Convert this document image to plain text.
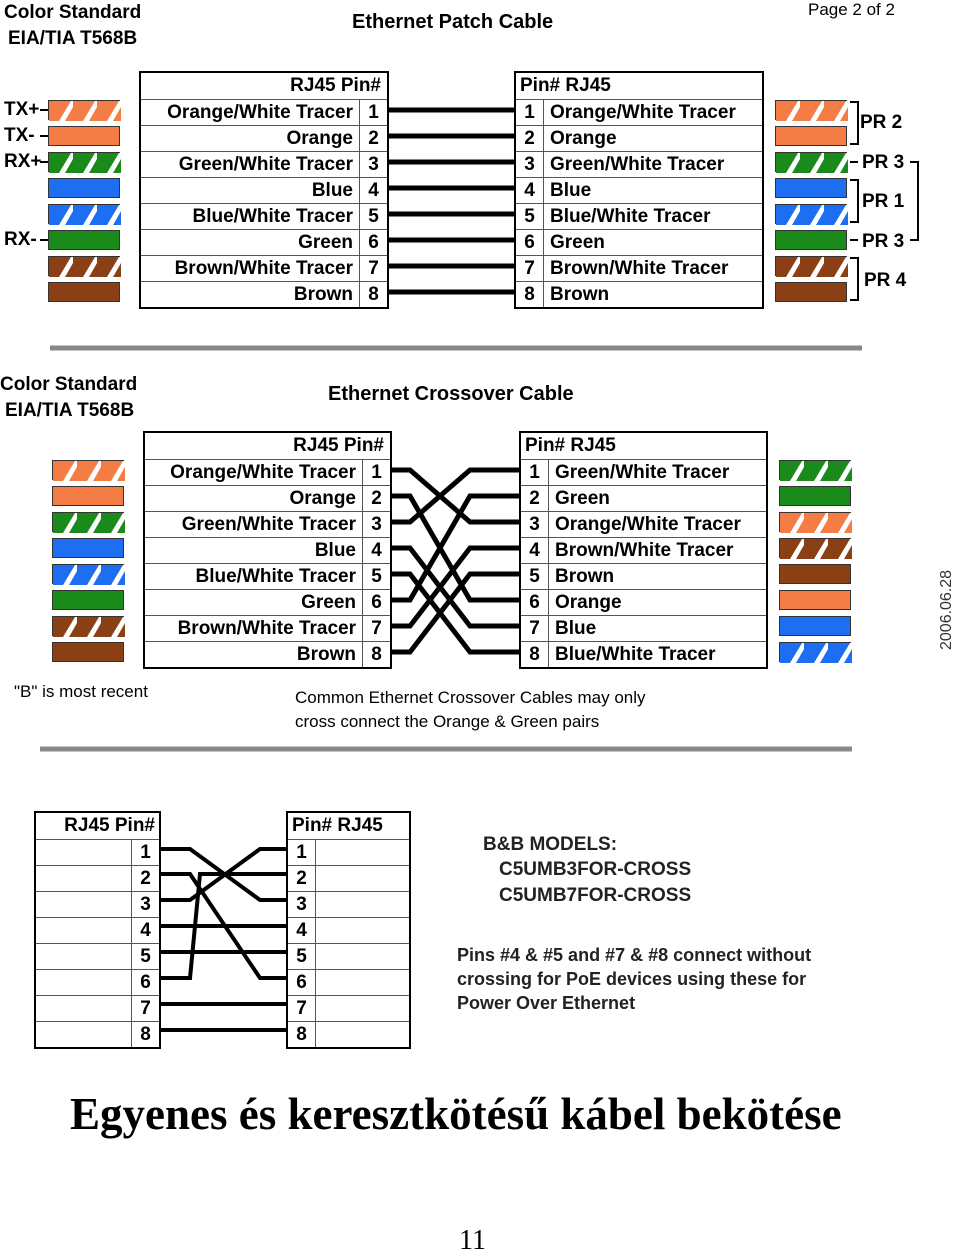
Color Standard
EIA/TIA T568B
Page 2 of 2
Ethernet Patch Cable
TX+
TX-
RX+
RX-
RJ45 Pin#
Orange/White Tracer 1
Orange 2
Green/White Tracer 3
Blue 4
Blue/White Tracer 5
Green 6
Brown/White Tracer 7
Brown 8
Pin# RJ45
1 Orange/White Tracer
2 Orange
3 Green/White Tracer
4 Blue
5 Blue/White Tracer
6 Green
7 Brown/White Tracer
8 Brown
PR 2
PR 3
PR 1
PR 3
PR 4
Color Standard
EIA/TIA T568B
Ethernet Crossover Cable
RJ45 Pin#
Orange/White Tracer 1
Orange 2
Green/White Tracer 3
Blue 4
Blue/White Tracer 5
Green 6
Brown/White Tracer 7
Brown 8
Pin# RJ45
1 Green/White Tracer
2 Green
3 Orange/White Tracer
4 Brown/White Tracer
5 Brown
6 Orange
7 Blue
8 Blue/White Tracer
2006.06.28
"B" is most recent	Common Ethernet Crossover Cables may only
cross connect the Orange & Green pairs
RJ45 Pin#
1
2
3
4
5
6
7
8
Pin# RJ45
1
2
3
4
5
6
7
8
B&B MODELS:
C5UMB3FOR-CROSS
C5UMB7FOR-CROSS
Pins #4 & #5 and #7 & #8 connect without
crossing for PoE devices using these for
Power Over Ethernet
Egyenes és keresztkötésű kábel bekötése
11
